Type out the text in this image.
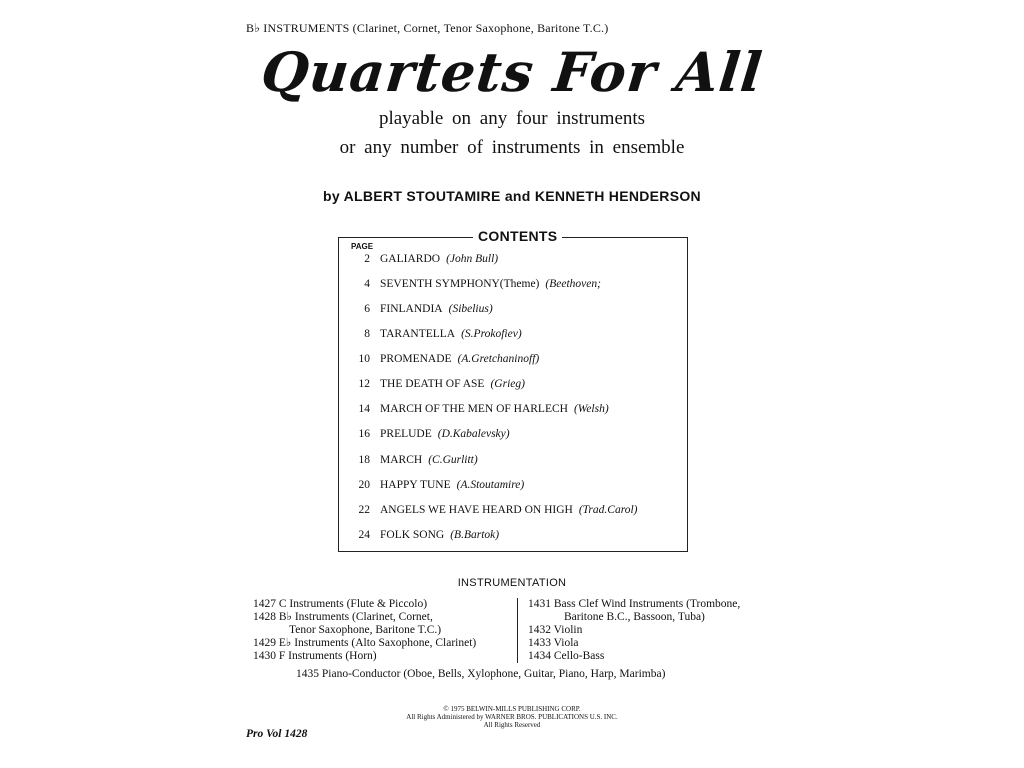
B♭ INSTRUMENTS (Clarinet, Cornet, Tenor Saxophone, Baritone T.C.)
Quartets For All
playable on any four instruments
or any number of instruments in ensemble
by ALBERT STOUTAMIRE and KENNETH HENDERSON
CONTENTS
PAGE
2 GALIARDO (John Bull)
4 SEVENTH SYMPHONY(Theme) (Beethoven;
6 FINLANDIA (Sibelius)
8 TARANTELLA (S.Prokofiev)
10 PROMENADE (A.Gretchaninoff)
12 THE DEATH OF ASE (Grieg)
14 MARCH OF THE MEN OF HARLECH (Welsh)
16 PRELUDE (D.Kabalevsky)
18 MARCH (C.Gurlitt)
20 HAPPY TUNE (A.Stoutamire)
22 ANGELS WE HAVE HEARD ON HIGH (Trad.Carol)
24 FOLK SONG (B.Bartok)
INSTRUMENTATION
1427 C Instruments (Flute & Piccolo)
1428 B♭ Instruments (Clarinet, Cornet,
Tenor Saxophone, Baritone T.C.)
1429 E♭ Instruments (Alto Saxophone, Clarinet)
1430 F Instruments (Horn)
1431 Bass Clef Wind Instruments (Trombone,
Baritone B.C., Bassoon, Tuba)
1432 Violin
1433 Viola
1434 Cello-Bass
1435 Piano-Conductor (Oboe, Bells, Xylophone, Guitar, Piano, Harp, Marimba)
© 1975 BELWIN-MILLS PUBLISHING CORP.
All Rights Administered by WARNER BROS. PUBLICATIONS U.S. INC.
All Rights Reserved
Pro Vol 1428
